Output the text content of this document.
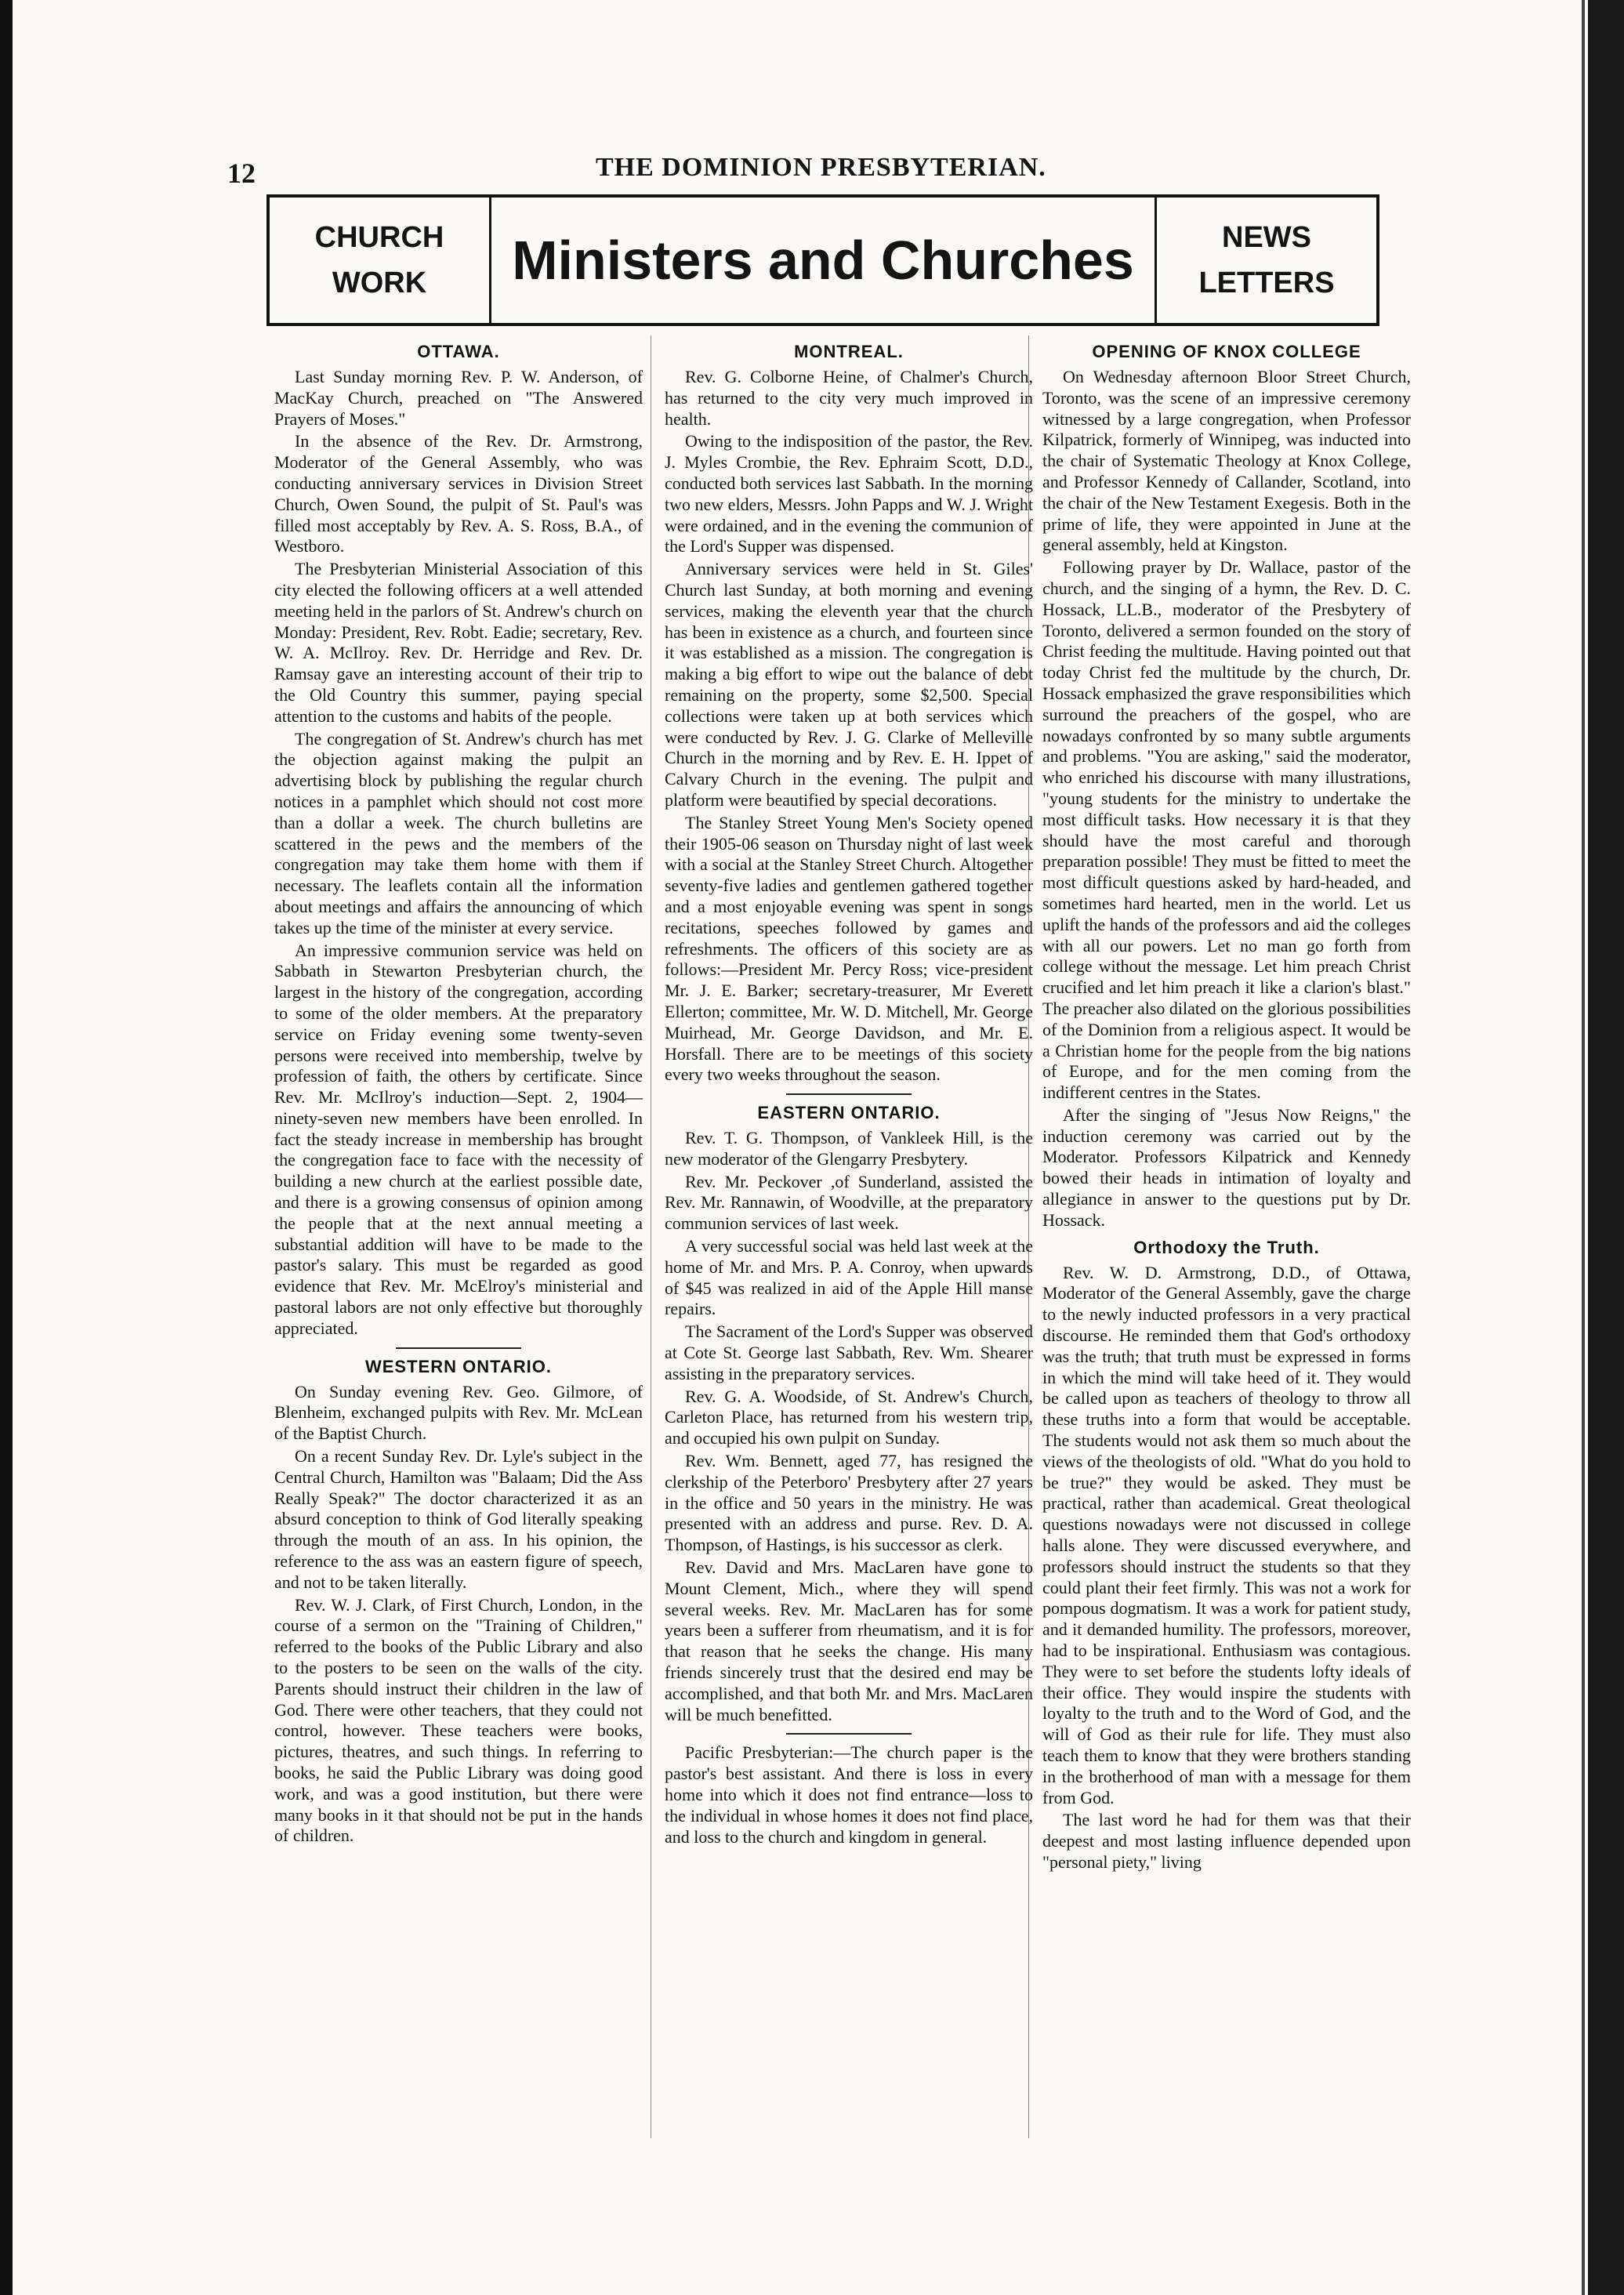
12	THE DOMINION PRESBYTERIAN.
CHURCH
WORK Ministers and Churches	NEWS
LETTERS
OTTAWA.

Last Sunday morning Rev. P. W. Anderson, of MacKay Church, preached on "The Answered Prayers of Moses."

In the absence of the Rev. Dr. Armstrong, Moderator of the General Assembly, who was conducting anniversary services in Division Street Church, Owen Sound, the pulpit of St. Paul's was filled most acceptably by Rev. A. S. Ross, B.A., of Westboro.

The Presbyterian Ministerial Association of this city elected the following officers at a well attended meeting held in the parlors of St. Andrew's church on Monday: President, Rev. Robt. Eadie; secretary, Rev. W. A. McIlroy. Rev. Dr. Herridge and Rev. Dr. Ramsay gave an interesting account of their trip to the Old Country this summer, paying special attention to the customs and habits of the people.

The congregation of St. Andrew's church has met the objection against making the pulpit an advertising block by publishing the regular church notices in a pamphlet which should not cost more than a dollar a week. The church bulletins are scattered in the pews and the members of the congregation may take them home with them if necessary. The leaflets contain all the information about meetings and affairs the announcing of which takes up the time of the minister at every service.

An impressive communion service was held on Sabbath in Stewarton Presbyterian church, the largest in the history of the congregation, according to some of the older members. At the preparatory service on Friday evening some twenty-seven persons were received into membership, twelve by profession of faith, the others by certificate. Since Rev. Mr. McIlroy's induction—Sept. 2, 1904—ninety-seven new members have been enrolled. In fact the steady increase in membership has brought the congregation face to face with the necessity of building a new church at the earliest possible date, and there is a growing consensus of opinion among the people that at the next annual meeting a substantial addition will have to be made to the pastor's salary. This must be regarded as good evidence that Rev. Mr. McElroy's ministerial and pastoral labors are not only effective but thoroughly appreciated.

WESTERN ONTARIO.

On Sunday evening Rev. Geo. Gilmore, of Blenheim, exchanged pulpits with Rev. Mr. McLean of the Baptist Church.

On a recent Sunday Rev. Dr. Lyle's subject in the Central Church, Hamilton was "Balaam; Did the Ass Really Speak?" The doctor characterized it as an absurd conception to think of God literally speaking through the mouth of an ass. In his opinion, the reference to the ass was an eastern figure of speech, and not to be taken literally.

Rev. W. J. Clark, of First Church, London, in the course of a sermon on the "Training of Children," referred to the books of the Public Library and also to the posters to be seen on the walls of the city. Parents should instruct their children in the law of God. There were other teachers, that they could not control, however. These teachers were books, pictures, theatres, and such things. In referring to books, he said the Public Library was doing good work, and was a good institution, but there were many books in it that should not be put in the hands of children.

MONTREAL.

Rev. G. Colborne Heine, of Chalmer's Church, has returned to the city very much improved in health.

Owing to the indisposition of the pastor, the Rev. J. Myles Crombie, the Rev. Ephraim Scott, D.D., conducted both services last Sabbath. In the morning two new elders, Messrs. John Papps and W. J. Wright were ordained, and in the evening the communion of the Lord's Supper was dispensed.

Anniversary services were held in St. Giles' Church last Sunday, at both morning and evening services, making the eleventh year that the church has been in existence as a church, and fourteen since it was established as a mission. The congregation is making a big effort to wipe out the balance of debt remaining on the property, some $2,500. Special collections were taken up at both services which were conducted by Rev. J. G. Clarke of Melleville Church in the morning and by Rev. E. H. Ippet of Calvary Church in the evening. The pulpit and platform were beautified by special decorations.

The Stanley Street Young Men's Society opened their 1905-06 season on Thursday night of last week with a social at the Stanley Street Church. Altogether seventy-five ladies and gentlemen gathered together and a most enjoyable evening was spent in songs recitations, speeches followed by games and refreshments. The officers of this society are as follows:—President Mr. Percy Ross; vice-president Mr. J. E. Barker; secretary-treasurer, Mr Everett Ellerton; committee, Mr. W. D. Mitchell, Mr. George Muirhead, Mr. George Davidson, and Mr. E. Horsfall. There are to be meetings of this society every two weeks throughout the season.

EASTERN ONTARIO.

Rev. T. G. Thompson, of Vankleek Hill, is the new moderator of the Glengarry Presbytery.

Rev. Mr. Peckover ,of Sunderland, assisted the Rev. Mr. Rannawin, of Woodville, at the preparatory communion services of last week.

A very successful social was held last week at the home of Mr. and Mrs. P. A. Conroy, when upwards of $45 was realized in aid of the Apple Hill manse repairs.

The Sacrament of the Lord's Supper was observed at Cote St. George last Sabbath, Rev. Wm. Shearer assisting in the preparatory services.

Rev. G. A. Woodside, of St. Andrew's Church, Carleton Place, has returned from his western trip, and occupied his own pulpit on Sunday.

Rev. Wm. Bennett, aged 77, has resigned the clerkship of the Peterboro' Presbytery after 27 years in the office and 50 years in the ministry. He was presented with an address and purse. Rev. D. A. Thompson, of Hastings, is his successor as clerk.

Rev. David and Mrs. MacLaren have gone to Mount Clement, Mich., where they will spend several weeks. Rev. Mr. MacLaren has for some years been a sufferer from rheumatism, and it is for that reason that he seeks the change. His many friends sincerely trust that the desired end may be accomplished, and that both Mr. and Mrs. MacLaren will be much benefitted.

Pacific Presbyterian:—The church paper is the pastor's best assistant. And there is loss in every home into which it does not find entrance—loss to the individual in whose homes it does not find place, and loss to the church and kingdom in general.

OPENING OF KNOX COLLEGE

On Wednesday afternoon Bloor Street Church, Toronto, was the scene of an impressive ceremony witnessed by a large congregation, when Professor Kilpatrick, formerly of Winnipeg, was inducted into the chair of Systematic Theology at Knox College, and Professor Kennedy of Callander, Scotland, into the chair of the New Testament Exegesis. Both in the prime of life, they were appointed in June at the general assembly, held at Kingston.

Following prayer by Dr. Wallace, pastor of the church, and the singing of a hymn, the Rev. D. C. Hossack, LL.B., moderator of the Presbytery of Toronto, delivered a sermon founded on the story of Christ feeding the multitude. Having pointed out that today Christ fed the multitude by the church, Dr. Hossack emphasized the grave responsibilities which surround the preachers of the gospel, who are nowadays confronted by so many subtle arguments and problems. "You are asking," said the moderator, who enriched his discourse with many illustrations, "young students for the ministry to undertake the most difficult tasks. How necessary it is that they should have the most careful and thorough preparation possible! They must be fitted to meet the most difficult questions asked by hard-headed, and sometimes hard hearted, men in the world. Let us uplift the hands of the professors and aid the colleges with all our powers. Let no man go forth from college without the message. Let him preach Christ crucified and let him preach it like a clarion's blast." The preacher also dilated on the glorious possibilities of the Dominion from a religious aspect. It would be a Christian home for the people from the big nations of Europe, and for the men coming from the indifferent centres in the States.

After the singing of "Jesus Now Reigns," the induction ceremony was carried out by the Moderator. Professors Kilpatrick and Kennedy bowed their heads in intimation of loyalty and allegiance in answer to the questions put by Dr. Hossack.

Orthodoxy the Truth.

Rev. W. D. Armstrong, D.D., of Ottawa, Moderator of the General Assembly, gave the charge to the newly inducted professors in a very practical discourse. He reminded them that God's orthodoxy was the truth; that truth must be expressed in forms in which the mind will take heed of it. They would be called upon as teachers of theology to throw all these truths into a form that would be acceptable. The students would not ask them so much about the views of the theologists of old. "What do you hold to be true?" they would be asked. They must be practical, rather than academical. Great theological questions nowadays were not discussed in college halls alone. They were discussed everywhere, and professors should instruct the students so that they could plant their feet firmly. This was not a work for pompous dogmatism. It was a work for patient study, and it demanded humility. The professors, moreover, had to be inspirational. Enthusiasm was contagious. They were to set before the students lofty ideals of their office. They would inspire the students with loyalty to the truth and to the Word of God, and the will of God as their rule for life. They must also teach them to know that they were brothers standing in the brotherhood of man with a message for them from God.

The last word he had for them was that their deepest and most lasting influence depended upon "personal piety," living
